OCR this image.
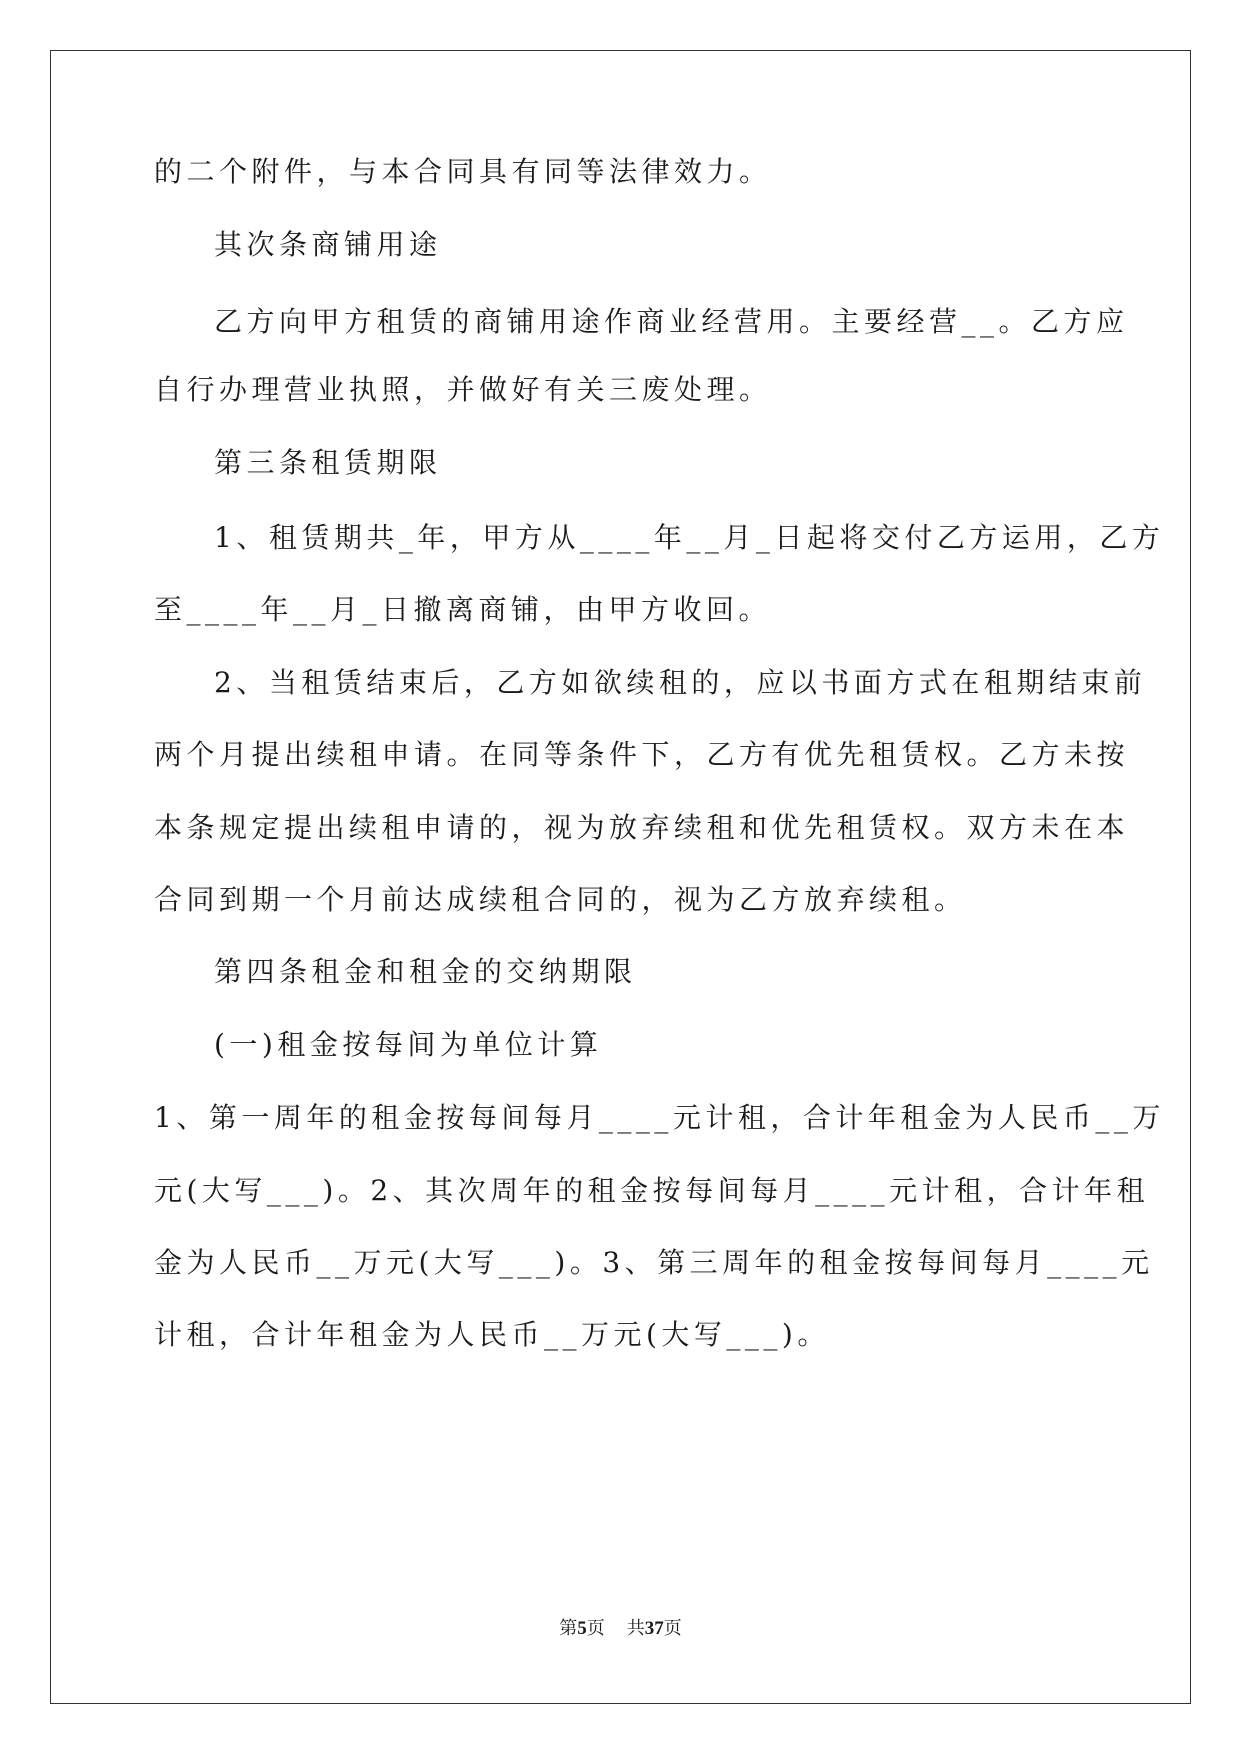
的二个附件，与本合同具有同等法律效力。
其次条商铺用途
乙方向甲方租赁的商铺用途作商业经营用。主要经营__。乙方应
自行办理营业执照，并做好有关三废处理。
第三条租赁期限
1、租赁期共_年，甲方从____年__月_日起将交付乙方运用，乙方
至____年__月_日撤离商铺，由甲方收回。
2、当租赁结束后，乙方如欲续租的，应以书面方式在租期结束前
两个月提出续租申请。在同等条件下，乙方有优先租赁权。乙方未按
本条规定提出续租申请的，视为放弃续租和优先租赁权。双方未在本
合同到期一个月前达成续租合同的，视为乙方放弃续租。
第四条租金和租金的交纳期限
(一)租金按每间为单位计算
1、第一周年的租金按每间每月____元计租，合计年租金为人民币__万
元(大写___)。2、其次周年的租金按每间每月____元计租，合计年租
金为人民币__万元(大写___)。3、第三周年的租金按每间每月____元
计租，合计年租金为人民币__万元(大写___)。
第5页 共37页
